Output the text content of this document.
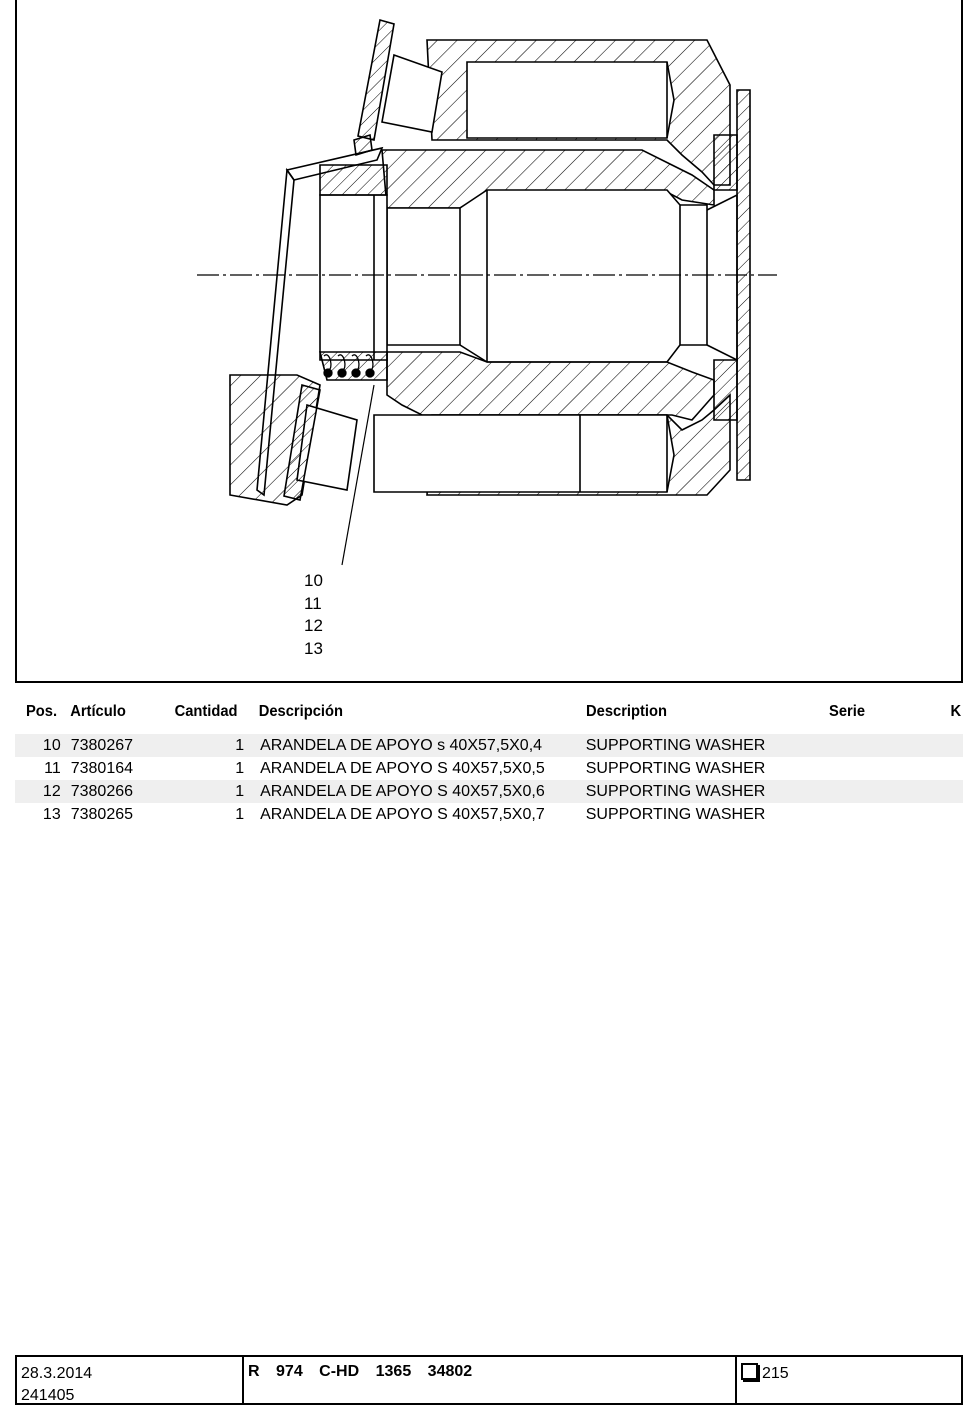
10
11
12
13
Pos.	Artículo	Cantidad	Descripción	Description	Serie	K

10	7380267	1	ARANDELA DE APOYO s 40X57,5X0,4	SUPPORTING WASHER		
11	7380164	1	ARANDELA DE APOYO S 40X57,5X0,5	SUPPORTING WASHER		
12	7380266	1	ARANDELA DE APOYO S 40X57,5X0,6	SUPPORTING WASHER		
13	7380265	1	ARANDELA DE APOYO S 40X57,5X0,7	SUPPORTING WASHER		
28.3.2014
241405
R 974 C-HD 1365 34802	215
